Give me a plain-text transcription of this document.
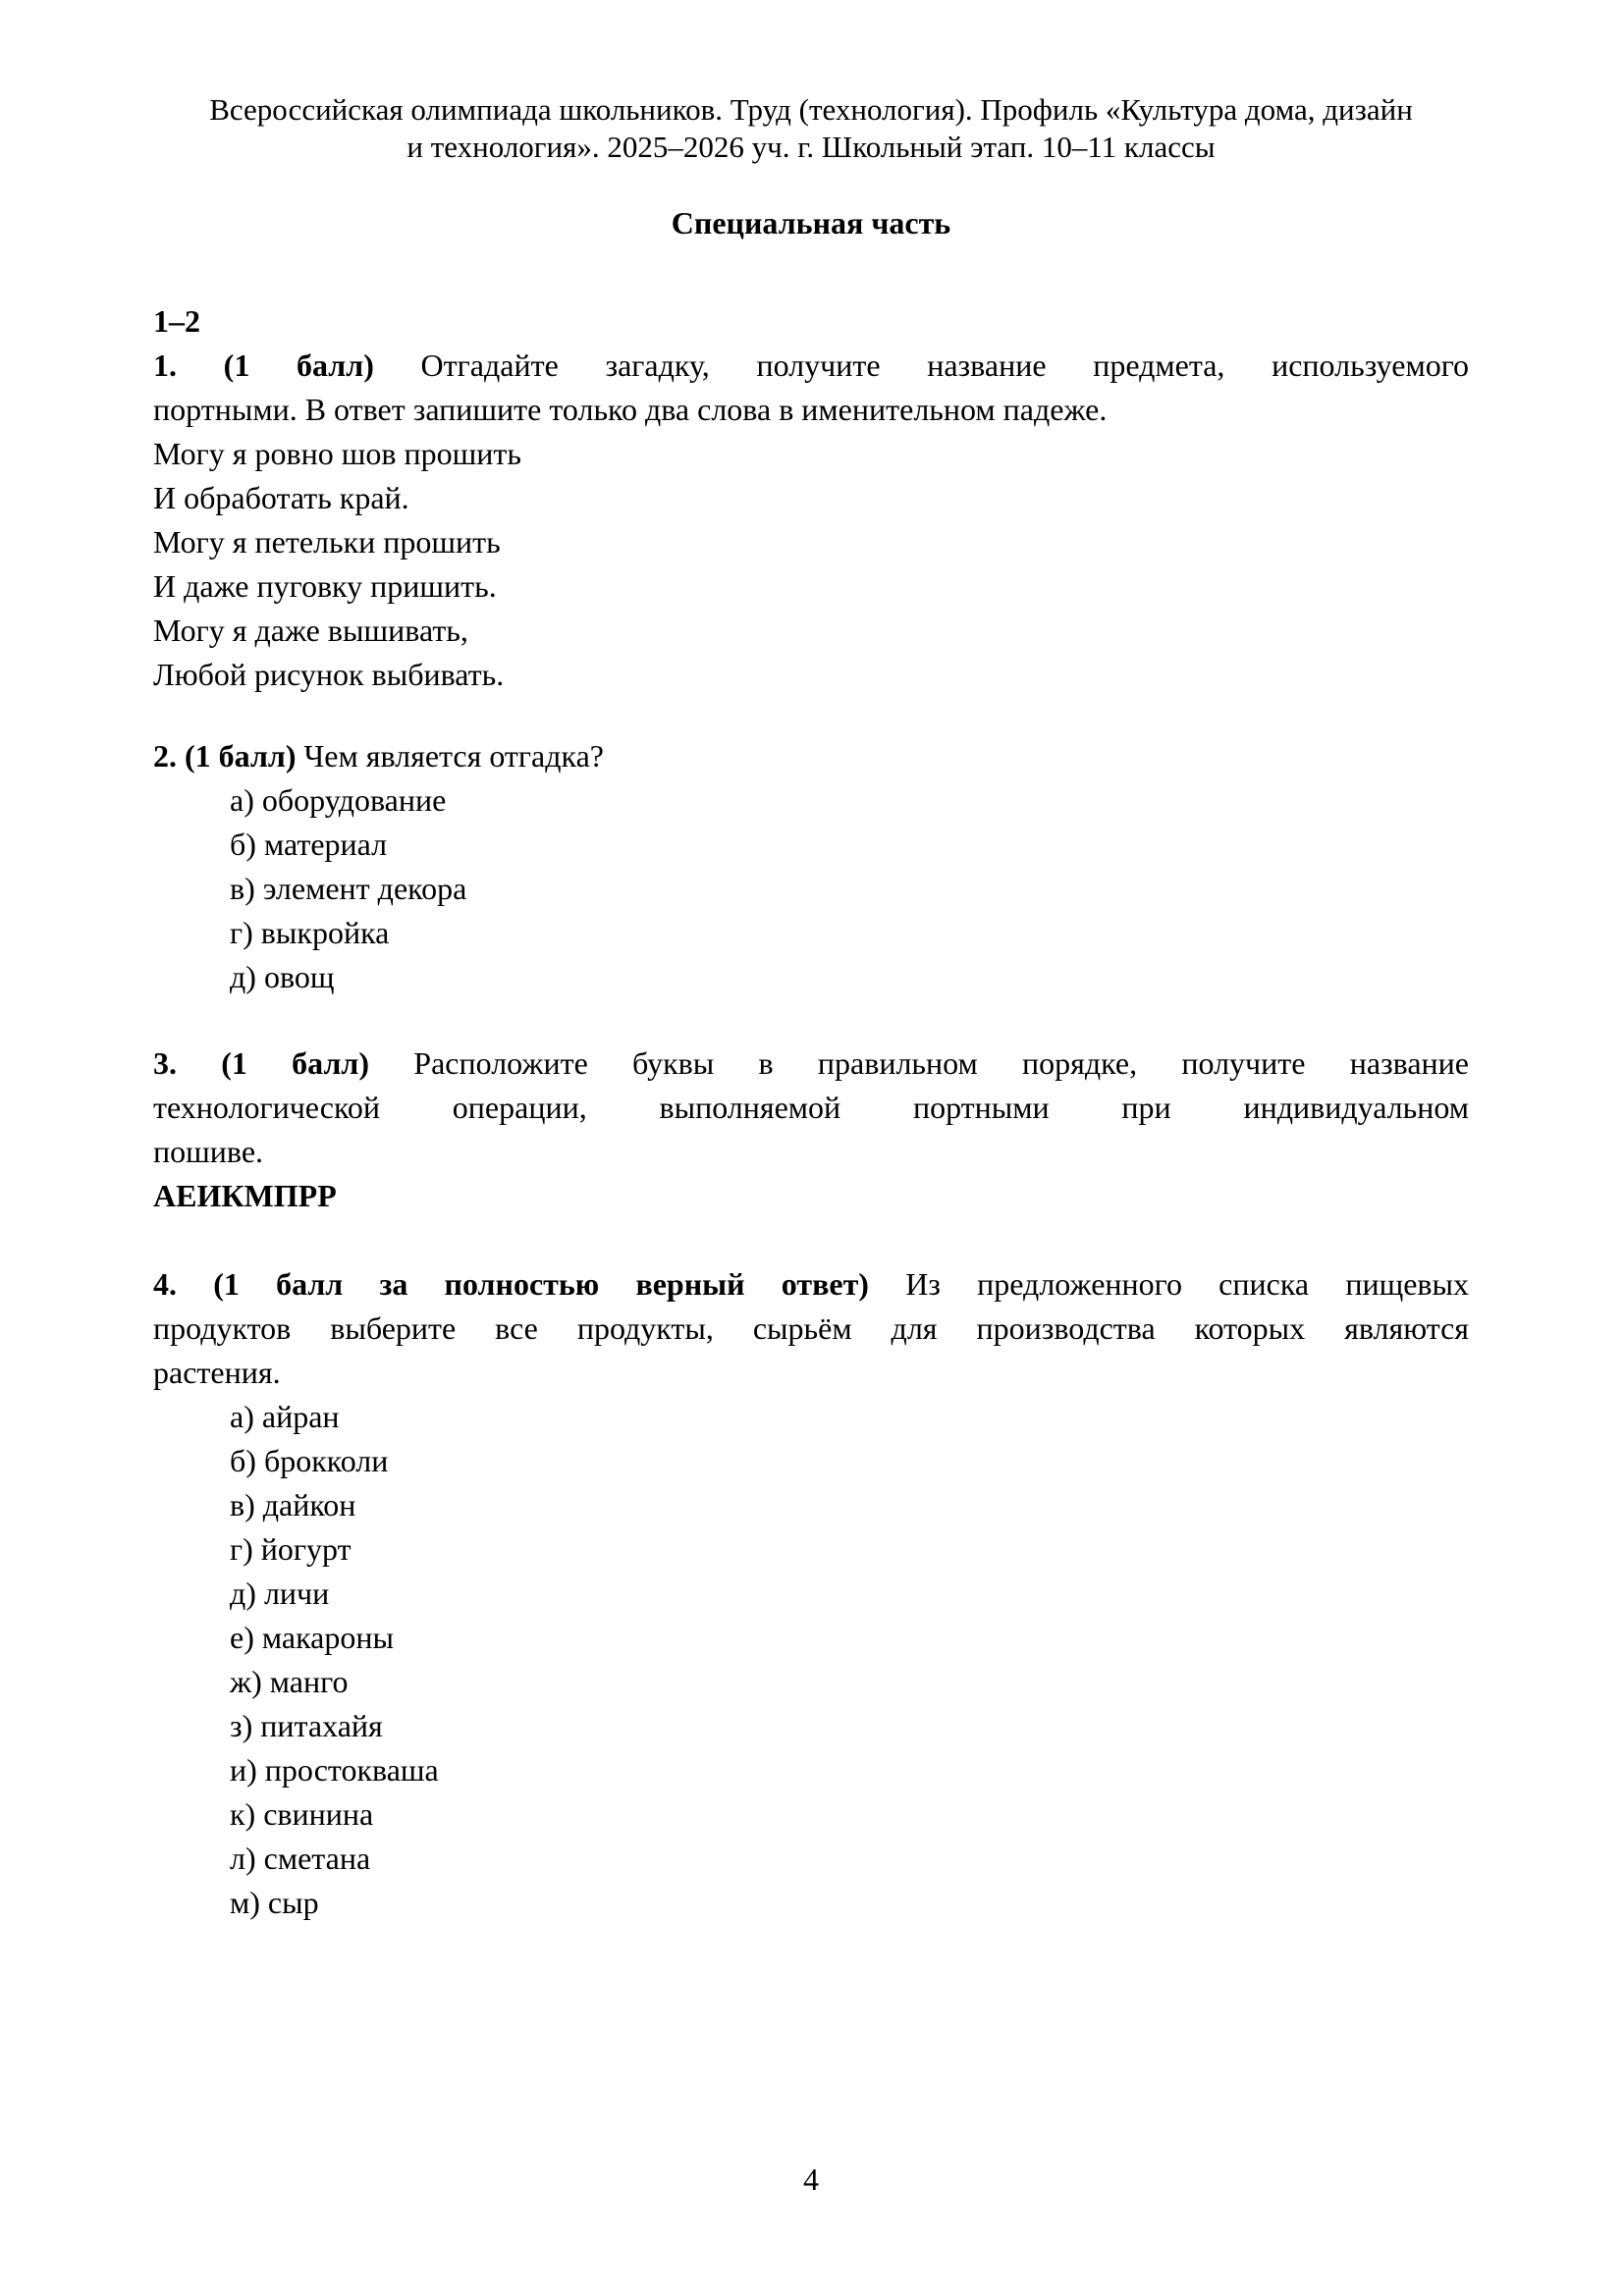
Всероссийская олимпиада школьников. Труд (технология). Профиль «Культура дома, дизайн
и технология». 2025–2026 уч. г. Школьный этап. 10–11 классы
Специальная часть
1–2
1. (1 балл) Отгадайте загадку, получите название предмета, используемого
портными. В ответ запишите только два слова в именительном падеже.
Могу я ровно шов прошить
И обработать край.
Могу я петельки прошить
И даже пуговку пришить.
Могу я даже вышивать,
Любой рисунок выбивать.
2. (1 балл) Чем является отгадка?
а) оборудование
б) материал
в) элемент декора
г) выкройка
д) овощ
3. (1 балл) Расположите буквы в правильном порядке, получите название
технологической операции, выполняемой портными при индивидуальном
пошиве.
АЕИКМПРР
4. (1 балл за полностью верный ответ) Из предложенного списка пищевых
продуктов выберите все продукты, сырьём для производства которых являются
растения.
а) айран
б) брокколи
в) дайкон
г) йогурт
д) личи
е) макароны
ж) манго
з) питахайя
и) простокваша
к) свинина
л) сметана
м) сыр
4
